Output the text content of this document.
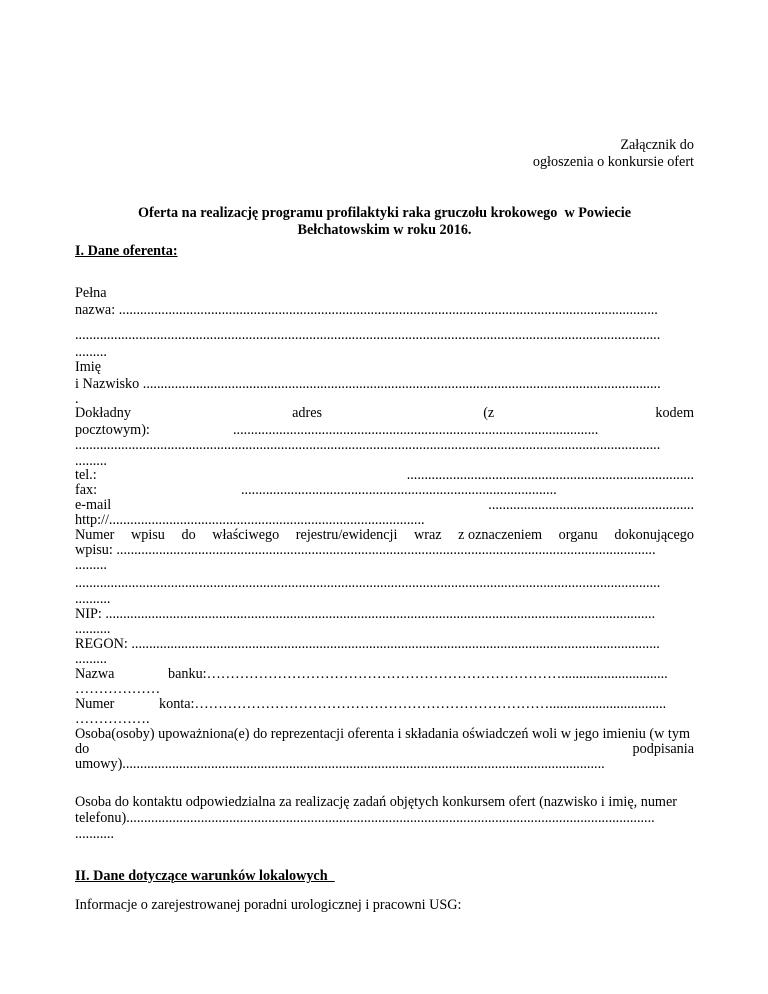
Załącznik do
ogłoszenia o konkursie ofert
Oferta na realizację programu profilaktyki raka gruczołu krokowego  w Powiecie
Bełchatowskim w roku 2016.
I. Dane oferenta:
Pełna
nazwa: ........................................................................................................................................................
.....................................................................................................................................................................
.........
Imię
i Nazwisko ..................................................................................................................................................
.
Dokładny	adres	(z	kodem
pocztowym):	.......................................................................................................
.....................................................................................................................................................................
.........
tel.:	.................................................................................
fax:	.........................................................................................
e-mail	..........................................................
http://.........................................................................................
Numer wpisu do właściwego rejestru/ewidencji wraz z oznaczeniem organu dokonującego
wpisu: ........................................................................................................................................................
.........
.....................................................................................................................................................................
..........
NIP: ...........................................................................................................................................................
..........
REGON: .....................................................................................................................................................
.........
Nazwa	banku:…………………………………………………………………..............................
………………
Numer	konta:………………………………………………………………….................................
…………….
Osoba(osoby) upoważniona(e) do reprezentacji oferenta i składania oświadczeń woli w jego imieniu (w tym
do	podpisania
umowy)........................................................................................................................................
Osoba do kontaktu odpowiedzialna za realizację zadań objętych konkursem ofert (nazwisko i imię, numer
telefonu).....................................................................................................................................................
...........
II. Dane dotyczące warunków lokalowych
Informacje o zarejestrowanej poradni urologicznej i pracowni USG:
